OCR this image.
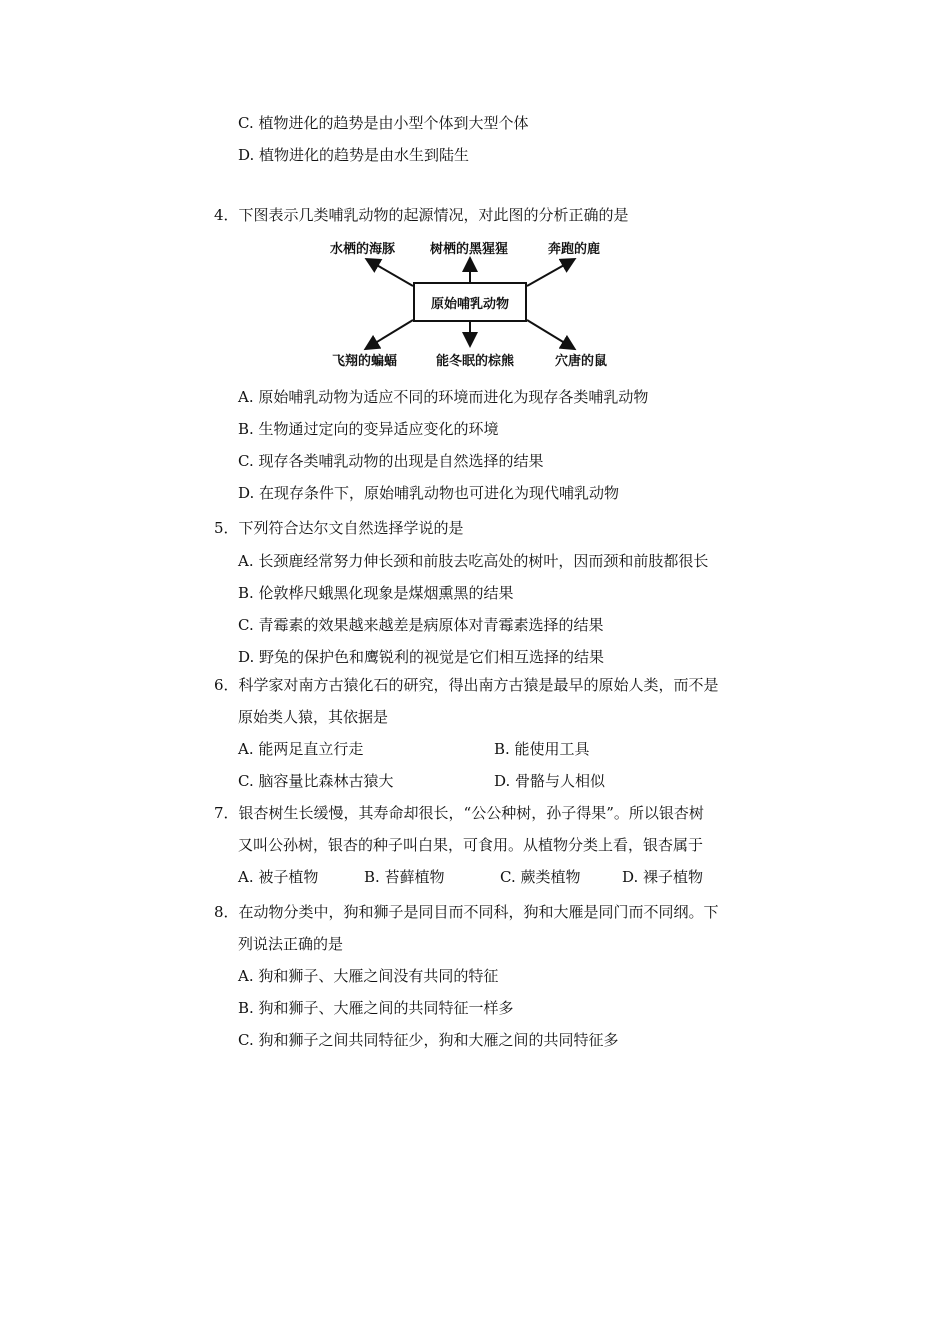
C. 植物进化的趋势是由小型个体到大型个体
D. 植物进化的趋势是由水生到陆生
4．下图表示几类哺乳动物的起源情况，对此图的分析正确的是
水栖的海豚	树栖的黑猩猩	奔跑的鹿
原始哺乳动物
飞翔的蝙蝠	能冬眠的棕熊	穴唐的鼠
A. 原始哺乳动物为适应不同的环境而进化为现存各类哺乳动物
B. 生物通过定向的变异适应变化的环境
C. 现存各类哺乳动物的出现是自然选择的结果
D. 在现存条件下，原始哺乳动物也可进化为现代哺乳动物
5．下列符合达尔文自然选择学说的是
A. 长颈鹿经常努力伸长颈和前肢去吃高处的树叶，因而颈和前肢都很长
B. 伦敦桦尺蛾黑化现象是煤烟熏黑的结果
C. 青霉素的效果越来越差是病原体对青霉素选择的结果
D. 野兔的保护色和鹰锐利的视觉是它们相互选择的结果
6．科学家对南方古猿化石的研究，得出南方古猿是最早的原始人类，而不是
原始类人猿，其依据是
A. 能两足直立行走	B. 能使用工具
C. 脑容量比森林古猿大	D. 骨骼与人相似
7．银杏树生长缓慢，其寿命却很长，“公公种树，孙子得果”。所以银杏树
又叫公孙树，银杏的种子叫白果，可食用。从植物分类上看，银杏属于
A. 被子植物	B. 苔藓植物	C. 蕨类植物	D. 裸子植物
8．在动物分类中，狗和狮子是同目而不同科，狗和大雁是同门而不同纲。下
列说法正确的是
A. 狗和狮子、大雁之间没有共同的特征
B. 狗和狮子、大雁之间的共同特征一样多
C. 狗和狮子之间共同特征少，狗和大雁之间的共同特征多
